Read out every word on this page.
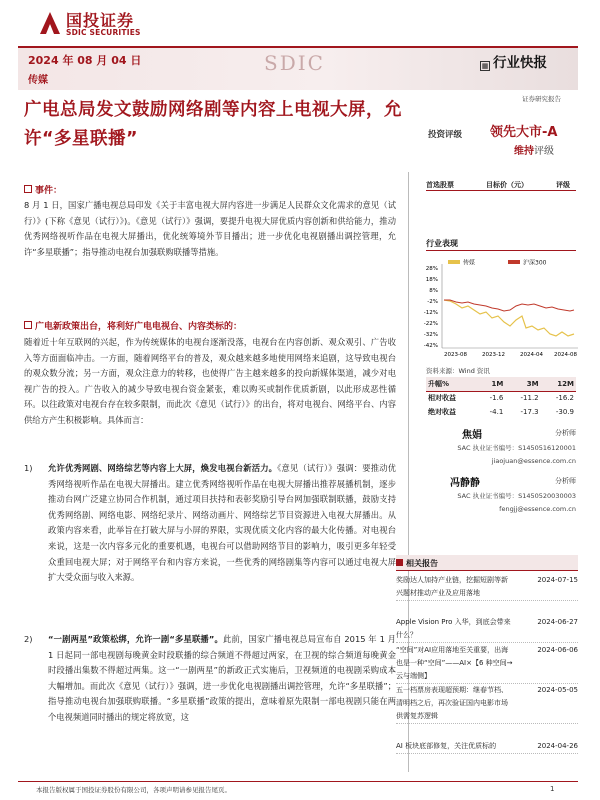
国投证券
SDIC SECURITIES
2024 年 08 月 04 日
传媒
SDIC	▦ 行业快报
证券研究报告
广电总局发文鼓励网络剧等内容上电视大屏，允许“多星联播”	投资评级 领先大市-A
维持评级
事件：
8 月 1 日，国家广播电视总局印发《关于丰富电视大屏内容进一步满足人民群众文化需求的意见（试行）》(下称《意见（试行）》)。《意见（试行）》强调，要提升电视大屏优质内容创新和供给能力，推动优秀网络视听作品在电视大屏播出，优化统筹境外节目播出；进一步优化电视剧播出调控管理，允许“多星联播”；指导推动电视台加强联购联播等措施。
广电新政策出台，将利好广电电视台、内容类标的：
随着近十年互联网的兴起，作为传统媒体的电视台逐渐没落，电视台在内容创新、观众观引、广告收入等方面面临冲击。一方面，随着网络平台的普及，观众越来越多地使用网络来追剧，这导致电视台的观众数分流；另一方面，观众注意力的转移，也使得广告主越来越多的投向新媒体渠道，减少对电视广告的投入。广告收入的减少导致电视台资金紧张，难以购买或制作优质新剧，以此形成恶性循环。以往政策对电视台存在较多限制，而此次《意见（试行）》的出台，将对电视台、网络平台、内容供给方产生积极影响。具体而言：
1)	允许优秀网剧、网络综艺等内容上大屏，煥发电视台新活力。《意见（试行）》强调：要推动优秀网络视听作品在电视大屏播出。建立优秀网络视听作品在电视大屏播出推荐展播机制，逐步推动台网广泛建立协同合作机制，通过项目扶持和表彰奖励引导台网加强联制联播，鼓励支持优秀网络剧、网络电影、网络纪录片、网络动画片、网络综艺节目资源进入电视大屏播出。从政策内容来看，此举旨在打破大屏与小屏的界限，实现优质文化内容的最大化传播。对电视台来说，这是一次内容多元化的重要机遇，电视台可以借助网络节目的影响力，吸引更多年轻受众重回电视大屏；对于网络平台和内容方来说，一些优秀的网络剧集等内容可以通过电视大屏扩大受众面与收入来源。
2)	“一剧两星”政策松绑，允许一剧“多星联播”。此前，国家广播电视总局宣布自 2015 年 1 月 1 日起同一部电视剧每晚黄金时段联播的综合频道不得超过两家，在卫视的综合频道每晚黄金时段播出集数不得超过两集。这一“一剧两星”的新政正式实施后，卫视频道的电视剧采购成本大幅增加。而此次《意见（试行）》强调，进一步优化电视剧播出调控管理，允许“多星联播”；指导推动电视台加强联购联播。“多星联播”政策的提出，意味着原先限制一部电视剧只能在两个电视频道同时播出的规定将放宽，这
首选股票	目标价（元）	评级
行业表现
传媒	沪深300
28%
18%
8%
-2%
-12%
-22%
-32%
-42%
2023-08	2023-12	2024-04 2024-08
资料来源：Wind 资讯
升幅%	1M	3M	12M
相对收益	-1.6	-11.2	-16.2
绝对收益	-4.1	-17.3	-30.9
焦娟	分析师
SAC 执业证书编号：S1450516120001
jiaojuan@essence.com.cn
冯静静	分析师
SAC 执业证书编号：S1450520030003
fengjj@essence.com.cn
相关报告
奖励达人加持产业链，挖掘短剧等新兴题材推动产业及应用落地
2024-07-15
Apple Vision Pro 入华，到底会带来什么？
2024-06-27
“空间”对AI应用落地至关重要，出海也是一种“空间”——AI×【6 种空间→云与端侧】
2024-06-06
五一档票房表现超预期：继春节档、清明档之后，再次验证国内电影市场供需复苏逻辑
2024-05-05
AI 板块底部修复，关注优质标的	2024-04-26
本报告版权属于国投证券股份有限公司，各项声明请参见报告尾页。	1
